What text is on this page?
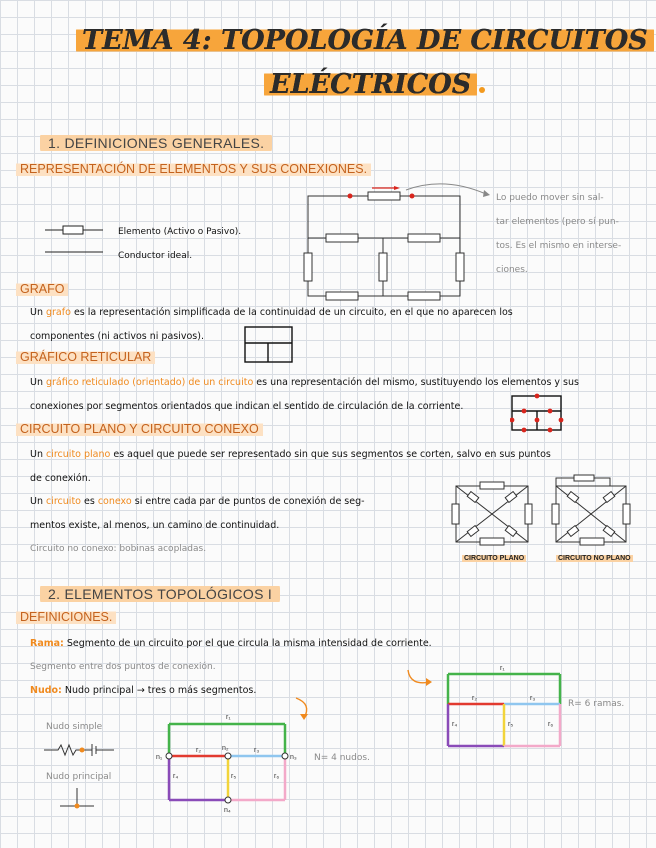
TEMA 4: TOPOLOGÍA DE CIRCUITOS
ELÉCTRICOS
1. DEFINICIONES GENERALES.
REPRESENTACIÓN DE ELEMENTOS Y SUS CONEXIONES.
Elemento (Activo o Pasivo).
Conductor ideal.
Lo puedo mover sin sal-
tar elementos (pero sí pun-
tos. Es el mismo en interse-
ciones.
GRAFO
Un grafo es la representación simplificada de la continuidad de un circuito, en el que no aparecen los
componentes (ni activos ni pasivos).
GRÁFICO RETICULAR
Un gráfico reticulado (orientado) de un circuito es una representación del mismo, sustituyendo los elementos y sus
conexiones por segmentos orientados que indican el sentido de circulación de la corriente.
CIRCUITO PLANO Y CIRCUITO CONEXO
Un circuito plano es aquel que puede ser representado sin que sus segmentos se corten, salvo en sus puntos
de conexión.
Un circuito es conexo si entre cada par de puntos de conexión de seg-
mentos existe, al menos, un camino de continuidad.
Circuito no conexo: bobinas acopladas.
CIRCUITO PLANO	CIRCUITO NO PLANO
2. ELEMENTOS TOPOLÓGICOS I
DEFINICIONES.
Rama: Segmento de un circuito por el que circula la misma intensidad de corriente.
Segmento entre dos puntos de conexión.
Nudo: Nudo principal → tres o más segmentos.
Nudo simple
Nudo principal
r₁
r₂	r₃
r₄	r₅	r₆
n₁
n₂
n₃
n₄
N= 4 nudos.
r₁
r₂	r₃
r₄	r₅	r₆
R= 6 ramas.
